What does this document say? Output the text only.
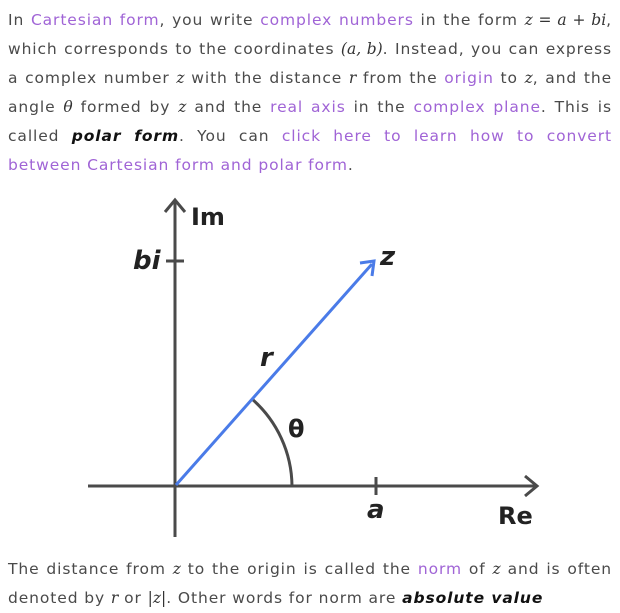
In Cartesian form, you write complex numbers in the form z = a + bi, which corresponds to the coordinates (a, b). Instead, you can express a complex number z with the distance r from the origin to z, and the angle θ formed by z and the real axis in the complex plane. This is called polar form. You can click here to learn how to convert between Cartesian form and polar form.
Im
Re
bi	z
r
θ
a
The distance from z to the origin is called the norm of z and is often denoted by r or |z|. Other words for norm are absolute value
